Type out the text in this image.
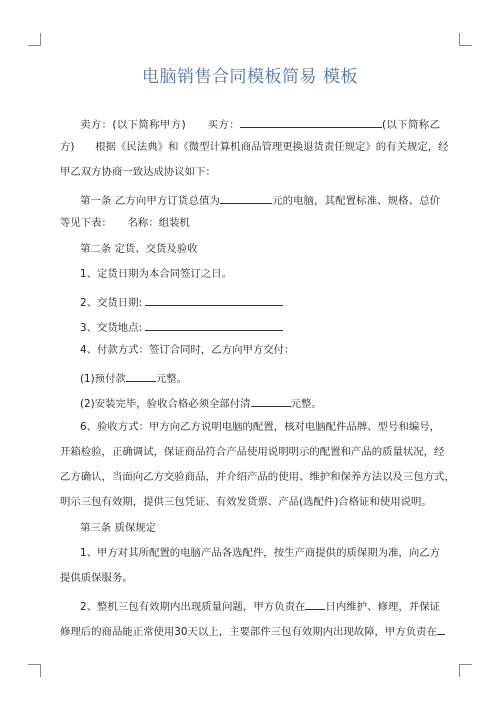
电脑销售合同模板简易 模板
卖方：(以下简称甲方)　　买方：	(以下简称乙
方)　　根据《民法典》和《微型计算机商品管理更换退货责任规定》的有关规定，经
甲乙双方协商一致达成协议如下：
第一条 乙方向甲方订货总值为	元的电脑，其配置标准、规格、总价
等见下表：　　名称：组装机
第二条 定货、交货及验收
1、定货日期为本合同签订之日。
2、交货日期:
3、交货地点:
4、付款方式：签订合同时，乙方向甲方交付：
(1)预付款	元整。
(2)安装完毕，验收合格必须全部付清	元整。
6、验收方式：甲方向乙方说明电脑的配置，核对电脑配件品牌、型号和编号，
开箱检验，正确调试，保证商品符合产品使用说明明示的配置和产品的质量状况，经
乙方确认，当面向乙方交验商品，并介绍产品的使用、维护和保养方法以及三包方式，
明示三包有效期，提供三包凭证、有效发货票、产品(选配件)合格证和使用说明。
第三条 质保规定
1、甲方对其所配置的电脑产品各选配件，按生产商提供的质保期为准，向乙方
提供质保服务。
2、整机三包有效期内出现质量问题，甲方负责在 日内维护、修理，并保证
修理后的商品能正常使用30天以上，主要部件三包有效期内出现故障，甲方负责在
